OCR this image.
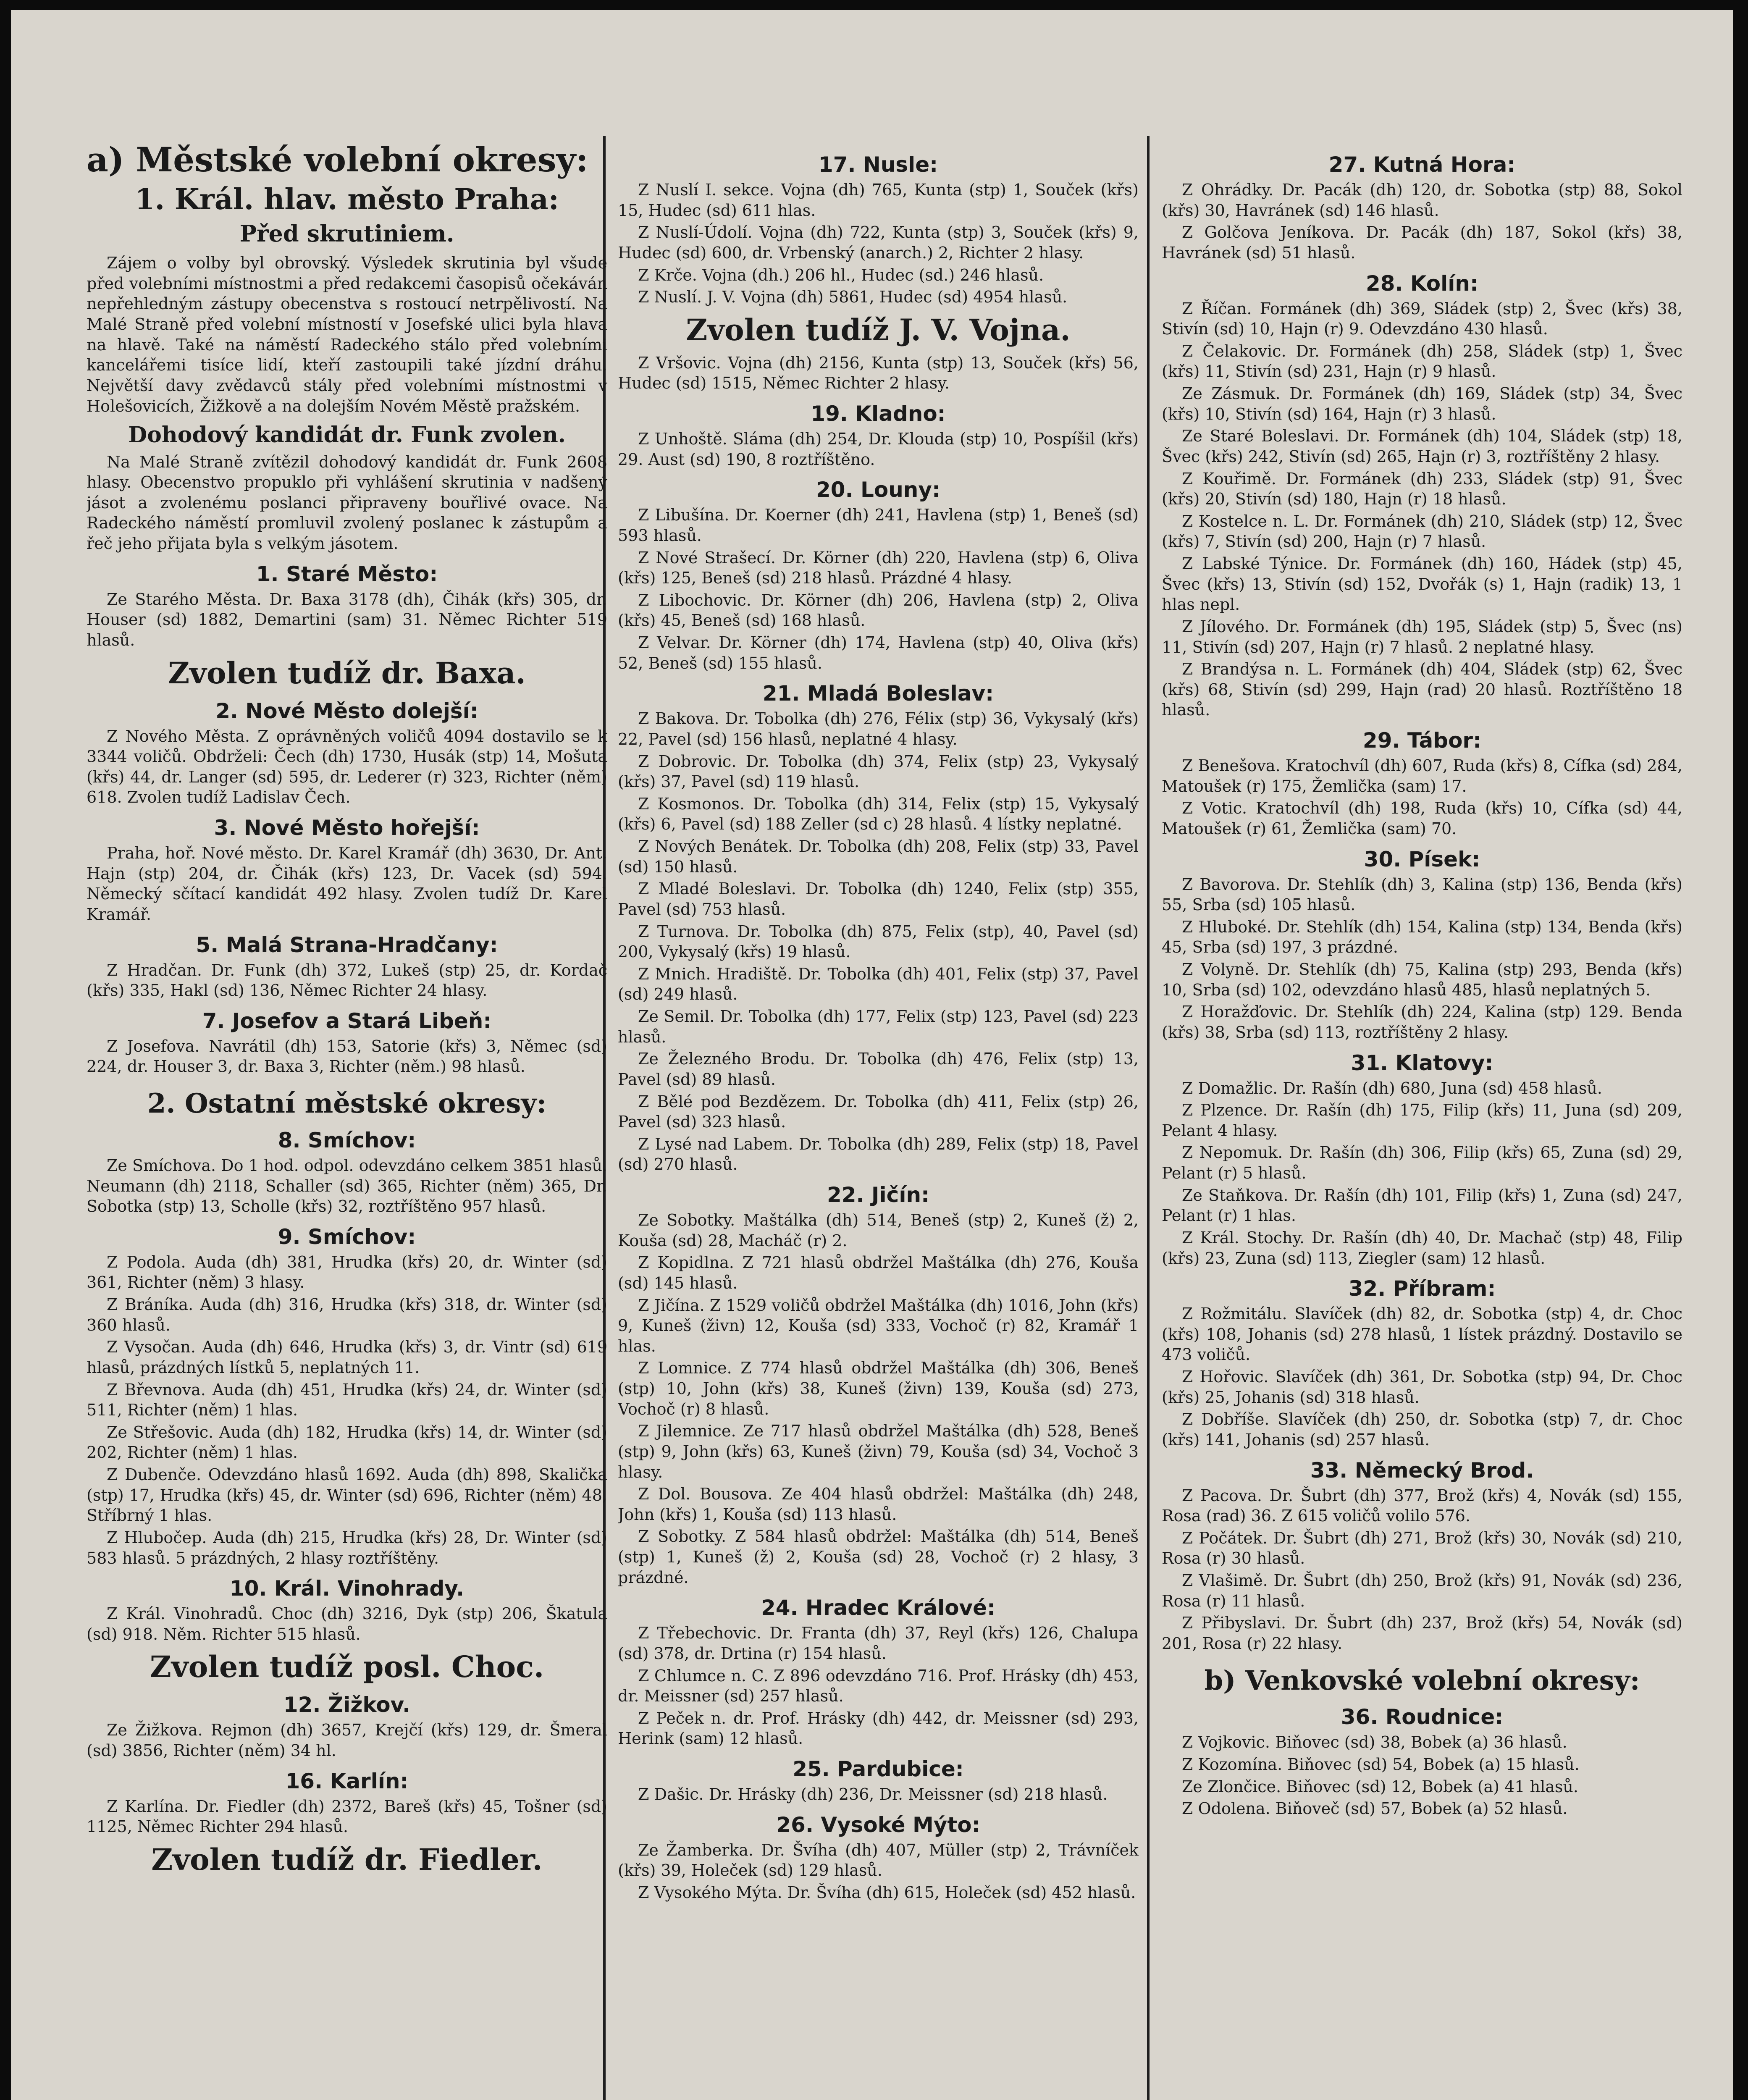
a) Městské volební okresy:
1. Král. hlav. město Praha:
Před skrutiniem.

Zájem o volby byl obrovský. Výsledek skrutinia byl všude před volebními místnostmi a před redakcemi časopisů očekáván nepřehledným zástupy obecenstva s rostoucí netrpělivostí. Na Malé Straně před volební místností v Josefské ulici byla hlava na hlavě. Také na náměstí Radeckého stálo před volebními kancelářemi tisíce lidí, kteří zastoupili také jízdní dráhu. Největší davy zvědavců stály před volebními místnostmi v Holešovicích, Žižkově a na dolejším Novém Městě pražském.

Dohodový kandidát dr. Funk zvolen.

Na Malé Straně zvítězil dohodový kandidát dr. Funk 2608 hlasy. Obecenstvo propuklo při vyhlášení skrutinia v nadšený jásot a zvolenému poslanci připraveny bouřlivé ovace. Na Radeckého náměstí promluvil zvolený poslanec k zástupům a řeč jeho přijata byla s velkým jásotem.

1. Staré Město:

Ze Starého Města. Dr. Baxa 3178 (dh), Čihák (křs) 305, dr. Houser (sd) 1882, Demartini (sam) 31. Němec Richter 519 hlasů.

Zvolen tudíž dr. Baxa.
2. Nové Město dolejší:

Z Nového Města. Z oprávněných voličů 4094 dostavilo se k 3344 voličů. Obdrželi: Čech (dh) 1730, Husák (stp) 14, Mošuta (křs) 44, dr. Langer (sd) 595, dr. Lederer (r) 323, Richter (něm) 618. Zvolen tudíž Ladislav Čech.

3. Nové Město hořejší:

Praha, hoř. Nové město. Dr. Karel Kramář (dh) 3630, Dr. Ant. Hajn (stp) 204, dr. Čihák (křs) 123, Dr. Vacek (sd) 594. Německý sčítací kandidát 492 hlasy. Zvolen tudíž Dr. Karel Kramář.

5. Malá Strana-Hradčany:

Z Hradčan. Dr. Funk (dh) 372, Lukeš (stp) 25, dr. Kordač (křs) 335, Hakl (sd) 136, Němec Richter 24 hlasy.

7. Josefov a Stará Libeň:

Z Josefova. Navrátil (dh) 153, Satorie (křs) 3, Němec (sd) 224, dr. Houser 3, dr. Baxa 3, Richter (něm.) 98 hlasů.

2. Ostatní městské okresy:
8. Smíchov:

Ze Smíchova. Do 1 hod. odpol. odevzdáno celkem 3851 hlasů. Neumann (dh) 2118, Schaller (sd) 365, Richter (něm) 365, Dr. Sobotka (stp) 13, Scholle (křs) 32, roztříštěno 957 hlasů.

9. Smíchov:

Z Podola. Auda (dh) 381, Hrudka (křs) 20, dr. Winter (sd) 361, Richter (něm) 3 hlasy.

Z Bráníka. Auda (dh) 316, Hrudka (křs) 318, dr. Winter (sd) 360 hlasů.

Z Vysočan. Auda (dh) 646, Hrudka (křs) 3, dr. Vintr (sd) 619 hlasů, prázdných lístků 5, neplatných 11.

Z Břevnova. Auda (dh) 451, Hrudka (křs) 24, dr. Winter (sd) 511, Richter (něm) 1 hlas.

Ze Střešovic. Auda (dh) 182, Hrudka (křs) 14, dr. Winter (sd) 202, Richter (něm) 1 hlas.

Z Dubenče. Odevzdáno hlasů 1692. Auda (dh) 898, Skalička (stp) 17, Hrudka (křs) 45, dr. Winter (sd) 696, Richter (něm) 48, Stříbrný 1 hlas.

Z Hlubočep. Auda (dh) 215, Hrudka (křs) 28, Dr. Winter (sd) 583 hlasů. 5 prázdných, 2 hlasy roztříštěny.

10. Král. Vinohrady.

Z Král. Vinohradů. Choc (dh) 3216, Dyk (stp) 206, Škatula (sd) 918. Něm. Richter 515 hlasů.

Zvolen tudíž posl. Choc.
12. Žižkov.

Ze Žižkova. Rejmon (dh) 3657, Krejčí (křs) 129, dr. Šmeral (sd) 3856, Richter (něm) 34 hl.

16. Karlín:

Z Karlína. Dr. Fiedler (dh) 2372, Bareš (křs) 45, Tošner (sd) 1125, Němec Richter 294 hlasů.

Zvolen tudíž dr. Fiedler.
17. Nusle:

Z Nuslí I. sekce. Vojna (dh) 765, Kunta (stp) 1, Souček (křs) 15, Hudec (sd) 611 hlas.

Z Nuslí-Údolí. Vojna (dh) 722, Kunta (stp) 3, Souček (křs) 9, Hudec (sd) 600, dr. Vrbenský (anarch.) 2, Richter 2 hlasy.

Z Krče. Vojna (dh.) 206 hl., Hudec (sd.) 246 hlasů.

Z Nuslí. J. V. Vojna (dh) 5861, Hudec (sd) 4954 hlasů.

Zvolen tudíž J. V. Vojna.

Z Vršovic. Vojna (dh) 2156, Kunta (stp) 13, Souček (křs) 56, Hudec (sd) 1515, Němec Richter 2 hlasy.

19. Kladno:

Z Unhoště. Sláma (dh) 254, Dr. Klouda (stp) 10, Pospíšil (křs) 29. Aust (sd) 190, 8 roztříštěno.

20. Louny:

Z Libušína. Dr. Koerner (dh) 241, Havlena (stp) 1, Beneš (sd) 593 hlasů.

Z Nové Strašecí. Dr. Körner (dh) 220, Havlena (stp) 6, Oliva (křs) 125, Beneš (sd) 218 hlasů. Prázdné 4 hlasy.

Z Libochovic. Dr. Körner (dh) 206, Havlena (stp) 2, Oliva (křs) 45, Beneš (sd) 168 hlasů.

Z Velvar. Dr. Körner (dh) 174, Havlena (stp) 40, Oliva (křs) 52, Beneš (sd) 155 hlasů.

21. Mladá Boleslav:

Z Bakova. Dr. Tobolka (dh) 276, Félix (stp) 36, Vykysalý (křs) 22, Pavel (sd) 156 hlasů, neplatné 4 hlasy.

Z Dobrovic. Dr. Tobolka (dh) 374, Felix (stp) 23, Vykysalý (křs) 37, Pavel (sd) 119 hlasů.

Z Kosmonos. Dr. Tobolka (dh) 314, Felix (stp) 15, Vykysalý (křs) 6, Pavel (sd) 188 Zeller (sd c) 28 hlasů. 4 lístky neplatné.

Z Nových Benátek. Dr. Tobolka (dh) 208, Felix (stp) 33, Pavel (sd) 150 hlasů.

Z Mladé Boleslavi. Dr. Tobolka (dh) 1240, Felix (stp) 355, Pavel (sd) 753 hlasů.

Z Turnova. Dr. Tobolka (dh) 875, Felix (stp), 40, Pavel (sd) 200, Vykysalý (křs) 19 hlasů.

Z Mnich. Hradiště. Dr. Tobolka (dh) 401, Felix (stp) 37, Pavel (sd) 249 hlasů.

Ze Semil. Dr. Tobolka (dh) 177, Felix (stp) 123, Pavel (sd) 223 hlasů.

Ze Železného Brodu. Dr. Tobolka (dh) 476, Felix (stp) 13, Pavel (sd) 89 hlasů.

Z Bělé pod Bezdězem. Dr. Tobolka (dh) 411, Felix (stp) 26, Pavel (sd) 323 hlasů.

Z Lysé nad Labem. Dr. Tobolka (dh) 289, Felix (stp) 18, Pavel (sd) 270 hlasů.

22. Jičín:

Ze Sobotky. Maštálka (dh) 514, Beneš (stp) 2, Kuneš (ž) 2, Kouša (sd) 28, Macháč (r) 2.

Z Kopidlna. Z 721 hlasů obdržel Maštálka (dh) 276, Kouša (sd) 145 hlasů.

Z Jičína. Z 1529 voličů obdržel Maštálka (dh) 1016, John (křs) 9, Kuneš (živn) 12, Kouša (sd) 333, Vochoč (r) 82, Kramář 1 hlas.

Z Lomnice. Z 774 hlasů obdržel Maštálka (dh) 306, Beneš (stp) 10, John (křs) 38, Kuneš (živn) 139, Kouša (sd) 273, Vochoč (r) 8 hlasů.

Z Jilemnice. Ze 717 hlasů obdržel Maštálka (dh) 528, Beneš (stp) 9, John (křs) 63, Kuneš (živn) 79, Kouša (sd) 34, Vochoč 3 hlasy.

Z Dol. Bousova. Ze 404 hlasů obdržel: Maštálka (dh) 248, John (křs) 1, Kouša (sd) 113 hlasů.

Z Sobotky. Z 584 hlasů obdržel: Maštálka (dh) 514, Beneš (stp) 1, Kuneš (ž) 2, Kouša (sd) 28, Vochoč (r) 2 hlasy, 3 prázdné.

24. Hradec Králové:

Z Třebechovic. Dr. Franta (dh) 37, Reyl (křs) 126, Chalupa (sd) 378, dr. Drtina (r) 154 hlasů.

Z Chlumce n. C. Z 896 odevzdáno 716. Prof. Hrásky (dh) 453, dr. Meissner (sd) 257 hlasů.

Z Peček n. dr. Prof. Hrásky (dh) 442, dr. Meissner (sd) 293, Herink (sam) 12 hlasů.

25. Pardubice:

Z Dašic. Dr. Hrásky (dh) 236, Dr. Meissner (sd) 218 hlasů.

26. Vysoké Mýto:

Ze Žamberka. Dr. Švíha (dh) 407, Müller (stp) 2, Trávníček (křs) 39, Holeček (sd) 129 hlasů.

Z Vysokého Mýta. Dr. Švíha (dh) 615, Holeček (sd) 452 hlasů.

27. Kutná Hora:

Z Ohrádky. Dr. Pacák (dh) 120, dr. Sobotka (stp) 88, Sokol (křs) 30, Havránek (sd) 146 hlasů.

Z Golčova Jeníkova. Dr. Pacák (dh) 187, Sokol (křs) 38, Havránek (sd) 51 hlasů.

28. Kolín:

Z Říčan. Formánek (dh) 369, Sládek (stp) 2, Švec (křs) 38, Stivín (sd) 10, Hajn (r) 9. Odevzdáno 430 hlasů.

Z Čelakovic. Dr. Formánek (dh) 258, Sládek (stp) 1, Švec (křs) 11, Stivín (sd) 231, Hajn (r) 9 hlasů.

Ze Zásmuk. Dr. Formánek (dh) 169, Sládek (stp) 34, Švec (křs) 10, Stivín (sd) 164, Hajn (r) 3 hlasů.

Ze Staré Boleslavi. Dr. Formánek (dh) 104, Sládek (stp) 18, Švec (křs) 242, Stivín (sd) 265, Hajn (r) 3, roztříštěny 2 hlasy.

Z Kouřimě. Dr. Formánek (dh) 233, Sládek (stp) 91, Švec (křs) 20, Stivín (sd) 180, Hajn (r) 18 hlasů.

Z Kostelce n. L. Dr. Formánek (dh) 210, Sládek (stp) 12, Švec (křs) 7, Stivín (sd) 200, Hajn (r) 7 hlasů.

Z Labské Týnice. Dr. Formánek (dh) 160, Hádek (stp) 45, Švec (křs) 13, Stivín (sd) 152, Dvořák (s) 1, Hajn (radik) 13, 1 hlas nepl.

Z Jílového. Dr. Formánek (dh) 195, Sládek (stp) 5, Švec (ns) 11, Stivín (sd) 207, Hajn (r) 7 hlasů. 2 neplatné hlasy.

Z Brandýsa n. L. Formánek (dh) 404, Sládek (stp) 62, Švec (křs) 68, Stivín (sd) 299, Hajn (rad) 20 hlasů. Roztříštěno 18 hlasů.

29. Tábor:

Z Benešova. Kratochvíl (dh) 607, Ruda (křs) 8, Cífka (sd) 284, Matoušek (r) 175, Žemlička (sam) 17.

Z Votic. Kratochvíl (dh) 198, Ruda (křs) 10, Cífka (sd) 44, Matoušek (r) 61, Žemlička (sam) 70.

30. Písek:

Z Bavorova. Dr. Stehlík (dh) 3, Kalina (stp) 136, Benda (křs) 55, Srba (sd) 105 hlasů.

Z Hluboké. Dr. Stehlík (dh) 154, Kalina (stp) 134, Benda (křs) 45, Srba (sd) 197, 3 prázdné.

Z Volyně. Dr. Stehlík (dh) 75, Kalina (stp) 293, Benda (křs) 10, Srba (sd) 102, odevzdáno hlasů 485, hlasů neplatných 5.

Z Horažďovic. Dr. Stehlík (dh) 224, Kalina (stp) 129. Benda (křs) 38, Srba (sd) 113, roztříštěny 2 hlasy.

31. Klatovy:

Z Domažlic. Dr. Rašín (dh) 680, Juna (sd) 458 hlasů.

Z Plzence. Dr. Rašín (dh) 175, Filip (křs) 11, Juna (sd) 209, Pelant 4 hlasy.

Z Nepomuk. Dr. Rašín (dh) 306, Filip (křs) 65, Zuna (sd) 29, Pelant (r) 5 hlasů.

Ze Staňkova. Dr. Rašín (dh) 101, Filip (křs) 1, Zuna (sd) 247, Pelant (r) 1 hlas.

Z Král. Stochy. Dr. Rašín (dh) 40, Dr. Machač (stp) 48, Filip (křs) 23, Zuna (sd) 113, Ziegler (sam) 12 hlasů.

32. Příbram:

Z Rožmitálu. Slavíček (dh) 82, dr. Sobotka (stp) 4, dr. Choc (křs) 108, Johanis (sd) 278 hlasů, 1 lístek prázdný. Dostavilo se 473 voličů.

Z Hořovic. Slavíček (dh) 361, Dr. Sobotka (stp) 94, Dr. Choc (křs) 25, Johanis (sd) 318 hlasů.

Z Dobříše. Slavíček (dh) 250, dr. Sobotka (stp) 7, dr. Choc (křs) 141, Johanis (sd) 257 hlasů.

33. Německý Brod.

Z Pacova. Dr. Šubrt (dh) 377, Brož (křs) 4, Novák (sd) 155, Rosa (rad) 36. Z 615 voličů volilo 576.

Z Počátek. Dr. Šubrt (dh) 271, Brož (křs) 30, Novák (sd) 210, Rosa (r) 30 hlasů.

Z Vlašimě. Dr. Šubrt (dh) 250, Brož (křs) 91, Novák (sd) 236, Rosa (r) 11 hlasů.

Z Přibyslavi. Dr. Šubrt (dh) 237, Brož (křs) 54, Novák (sd) 201, Rosa (r) 22 hlasy.

b) Venkovské volební okresy:
36. Roudnice:

Z Vojkovic. Biňovec (sd) 38, Bobek (a) 36 hlasů.

Z Kozomína. Biňovec (sd) 54, Bobek (a) 15 hlasů.

Ze Zlončice. Biňovec (sd) 12, Bobek (a) 41 hlasů.

Z Odolena. Biňoveč (sd) 57, Bobek (a) 52 hlasů.
